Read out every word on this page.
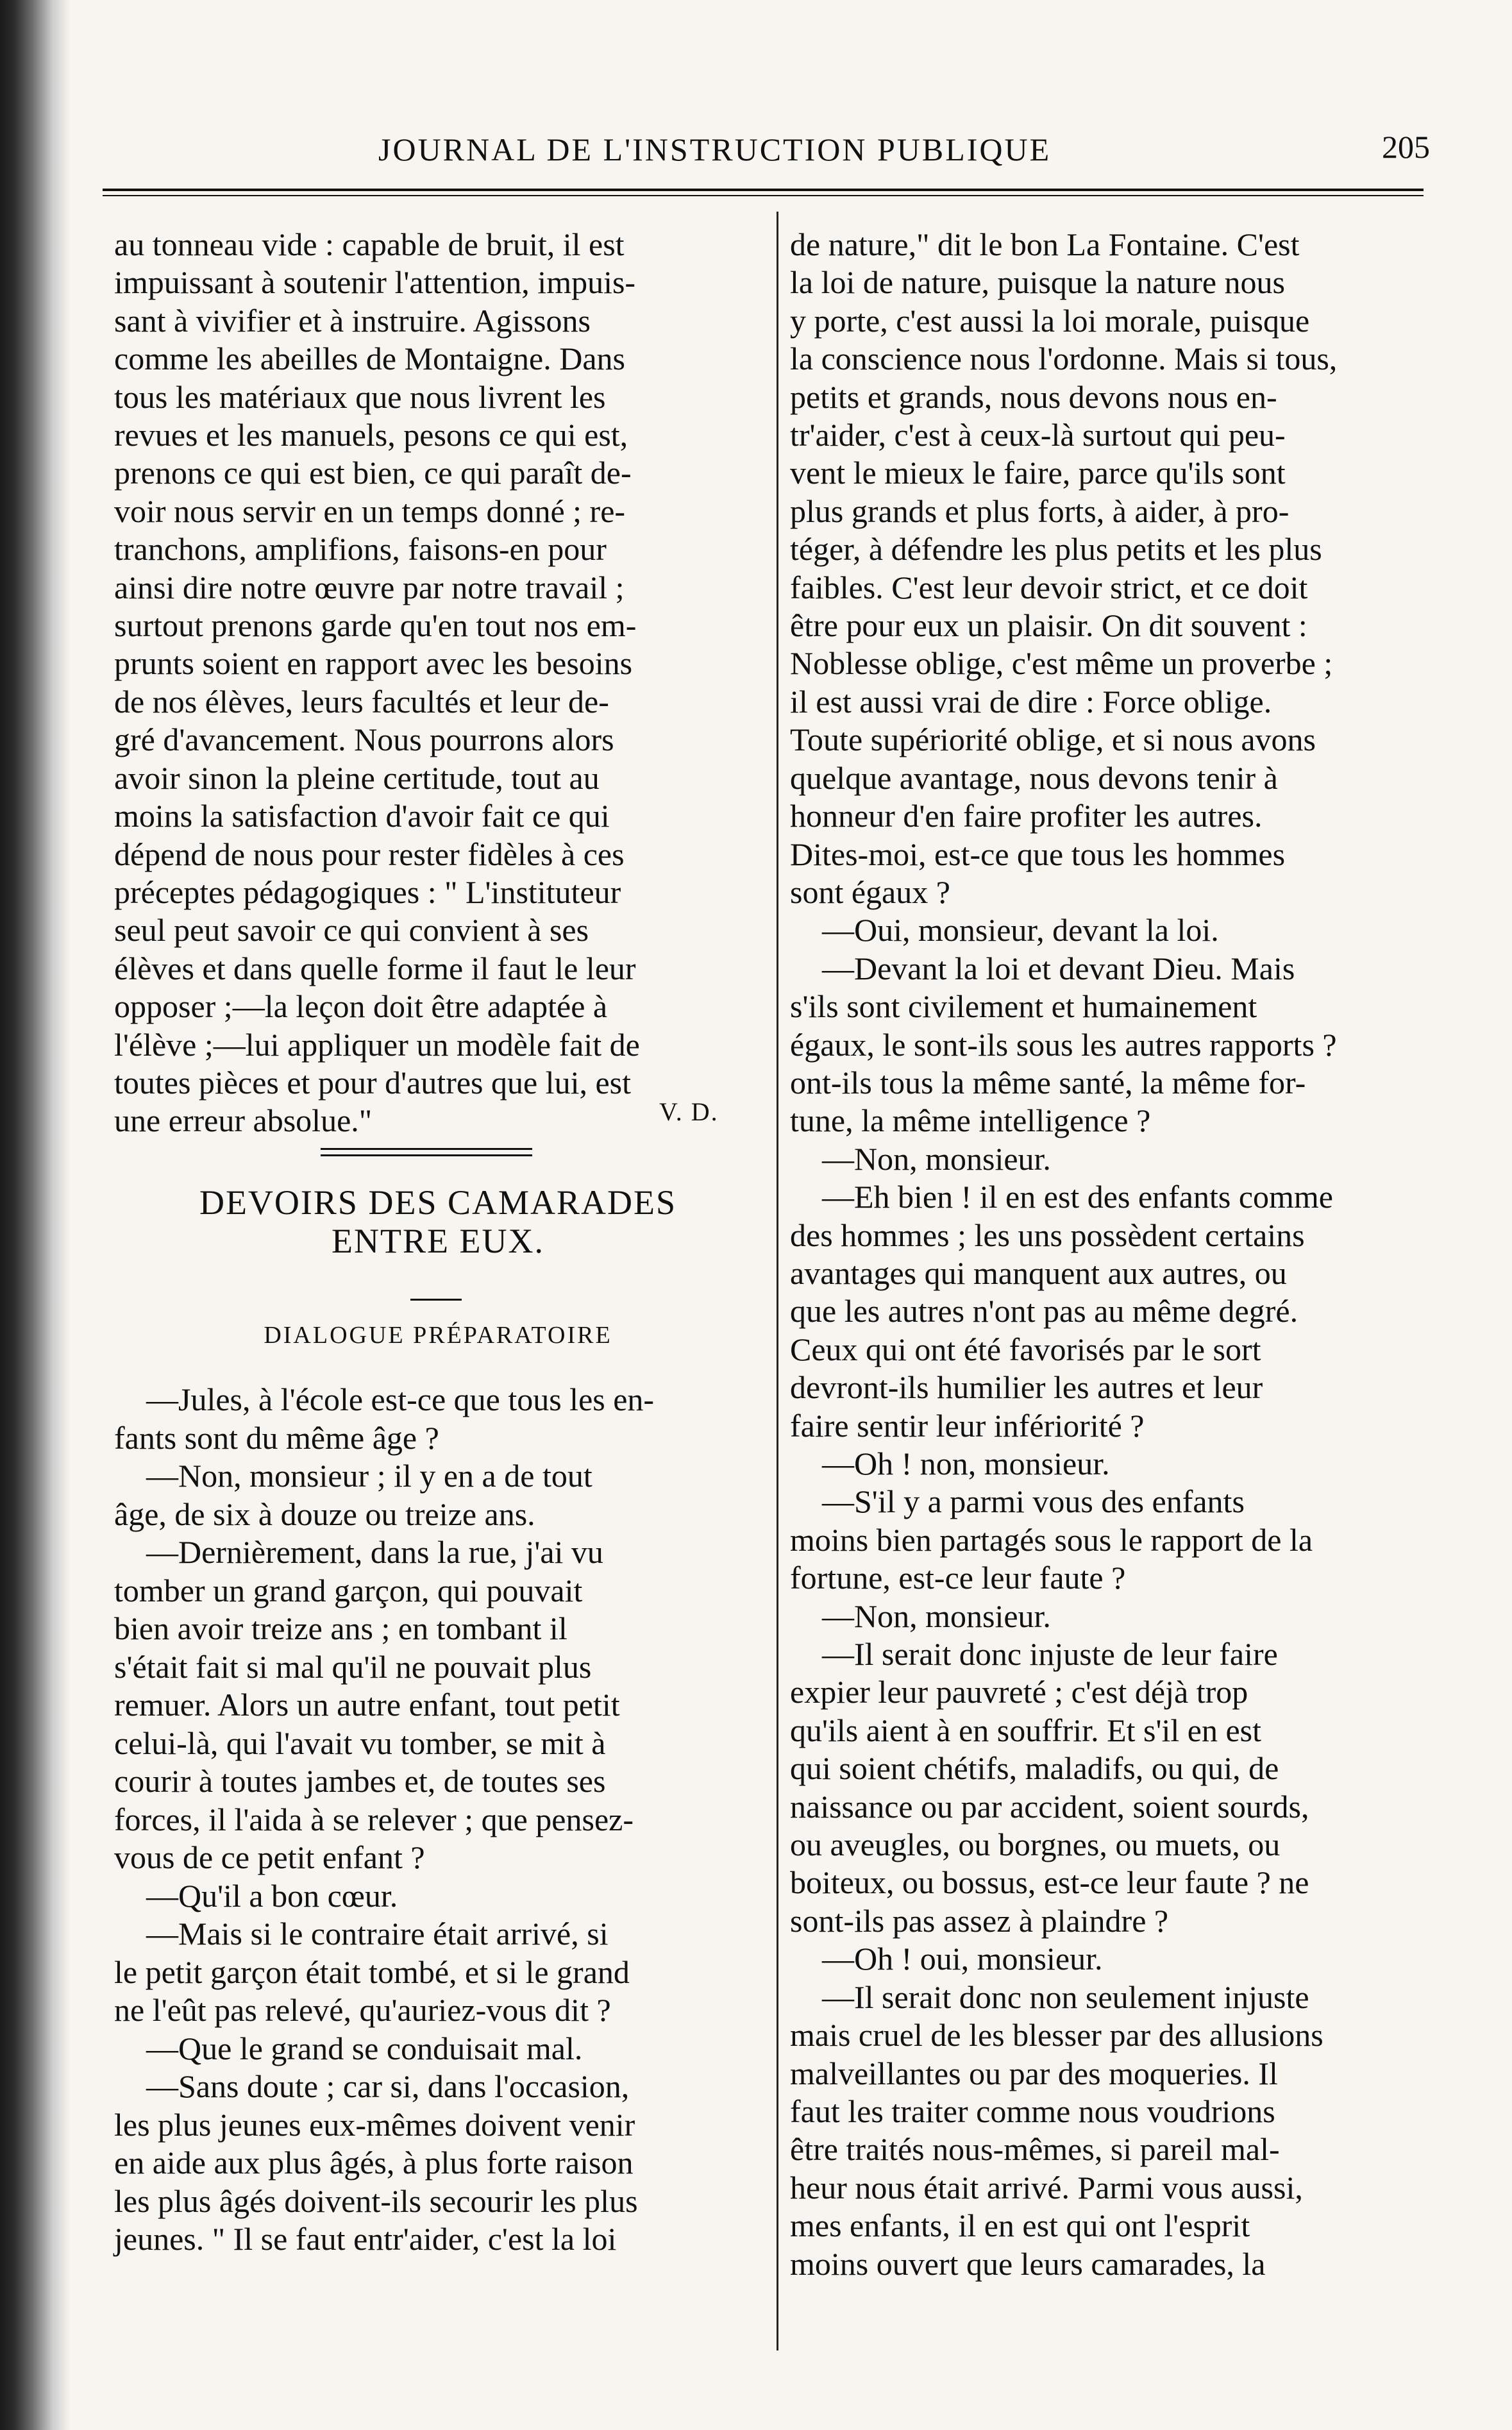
JOURNAL DE L'INSTRUCTION PUBLIQUE	205

au tonneau vide : capable de bruit, il est

impuissant à soutenir l'attention, impuis-

sant à vivifier et à instruire. Agissons

comme les abeilles de Montaigne. Dans

tous les matériaux que nous livrent les

revues et les manuels, pesons ce qui est,

prenons ce qui est bien, ce qui paraît de-

voir nous servir en un temps donné ; re-

tranchons, amplifions, faisons-en pour

ainsi dire notre œuvre par notre travail ;

surtout prenons garde qu'en tout nos em-

prunts soient en rapport avec les besoins

de nos élèves, leurs facultés et leur de-

gré d'avancement. Nous pourrons alors

avoir sinon la pleine certitude, tout au

moins la satisfaction d'avoir fait ce qui

dépend de nous pour rester fidèles à ces

préceptes pédagogiques : " L'instituteur

seul peut savoir ce qui convient à ses

élèves et dans quelle forme il faut le leur

opposer ;—la leçon doit être adaptée à

l'élève ;—lui appliquer un modèle fait de

toutes pièces et pour d'autres que lui, est

une erreur absolue."	V. D.
DEVOIRS DES CAMARADES
ENTRE EUX.
DIALOGUE PRÉPARATOIRE

—Jules, à l'école est-ce que tous les en-

fants sont du même âge ?

—Non, monsieur ; il y en a de tout

âge, de six à douze ou treize ans.

—Dernièrement, dans la rue, j'ai vu

tomber un grand garçon, qui pouvait

bien avoir treize ans ; en tombant il

s'était fait si mal qu'il ne pouvait plus

remuer. Alors un autre enfant, tout petit

celui-là, qui l'avait vu tomber, se mit à

courir à toutes jambes et, de toutes ses

forces, il l'aida à se relever ; que pensez-

vous de ce petit enfant ?

—Qu'il a bon cœur.

—Mais si le contraire était arrivé, si

le petit garçon était tombé, et si le grand

ne l'eût pas relevé, qu'auriez-vous dit ?

—Que le grand se conduisait mal.

—Sans doute ; car si, dans l'occasion,

les plus jeunes eux-mêmes doivent venir

en aide aux plus âgés, à plus forte raison

les plus âgés doivent-ils secourir les plus

jeunes. " Il se faut entr'aider, c'est la loi

de nature," dit le bon La Fontaine. C'est

la loi de nature, puisque la nature nous

y porte, c'est aussi la loi morale, puisque

la conscience nous l'ordonne. Mais si tous,

petits et grands, nous devons nous en-

tr'aider, c'est à ceux-là surtout qui peu-

vent le mieux le faire, parce qu'ils sont

plus grands et plus forts, à aider, à pro-

téger, à défendre les plus petits et les plus

faibles. C'est leur devoir strict, et ce doit

être pour eux un plaisir. On dit souvent :

Noblesse oblige, c'est même un proverbe ;

il est aussi vrai de dire : Force oblige.

Toute supériorité oblige, et si nous avons

quelque avantage, nous devons tenir à

honneur d'en faire profiter les autres.

Dites-moi, est-ce que tous les hommes

sont égaux ?

—Oui, monsieur, devant la loi.

—Devant la loi et devant Dieu. Mais

s'ils sont civilement et humainement

égaux, le sont-ils sous les autres rapports ?

ont-ils tous la même santé, la même for-

tune, la même intelligence ?

—Non, monsieur.

—Eh bien ! il en est des enfants comme

des hommes ; les uns possèdent certains

avantages qui manquent aux autres, ou

que les autres n'ont pas au même degré.

Ceux qui ont été favorisés par le sort

devront-ils humilier les autres et leur

faire sentir leur infériorité ?

—Oh ! non, monsieur.

—S'il y a parmi vous des enfants

moins bien partagés sous le rapport de la

fortune, est-ce leur faute ?

—Non, monsieur.

—Il serait donc injuste de leur faire

expier leur pauvreté ; c'est déjà trop

qu'ils aient à en souffrir. Et s'il en est

qui soient chétifs, maladifs, ou qui, de

naissance ou par accident, soient sourds,

ou aveugles, ou borgnes, ou muets, ou

boiteux, ou bossus, est-ce leur faute ? ne

sont-ils pas assez à plaindre ?

—Oh ! oui, monsieur.

—Il serait donc non seulement injuste

mais cruel de les blesser par des allusions

malveillantes ou par des moqueries. Il

faut les traiter comme nous voudrions

être traités nous-mêmes, si pareil mal-

heur nous était arrivé. Parmi vous aussi,

mes enfants, il en est qui ont l'esprit

moins ouvert que leurs camarades, la
